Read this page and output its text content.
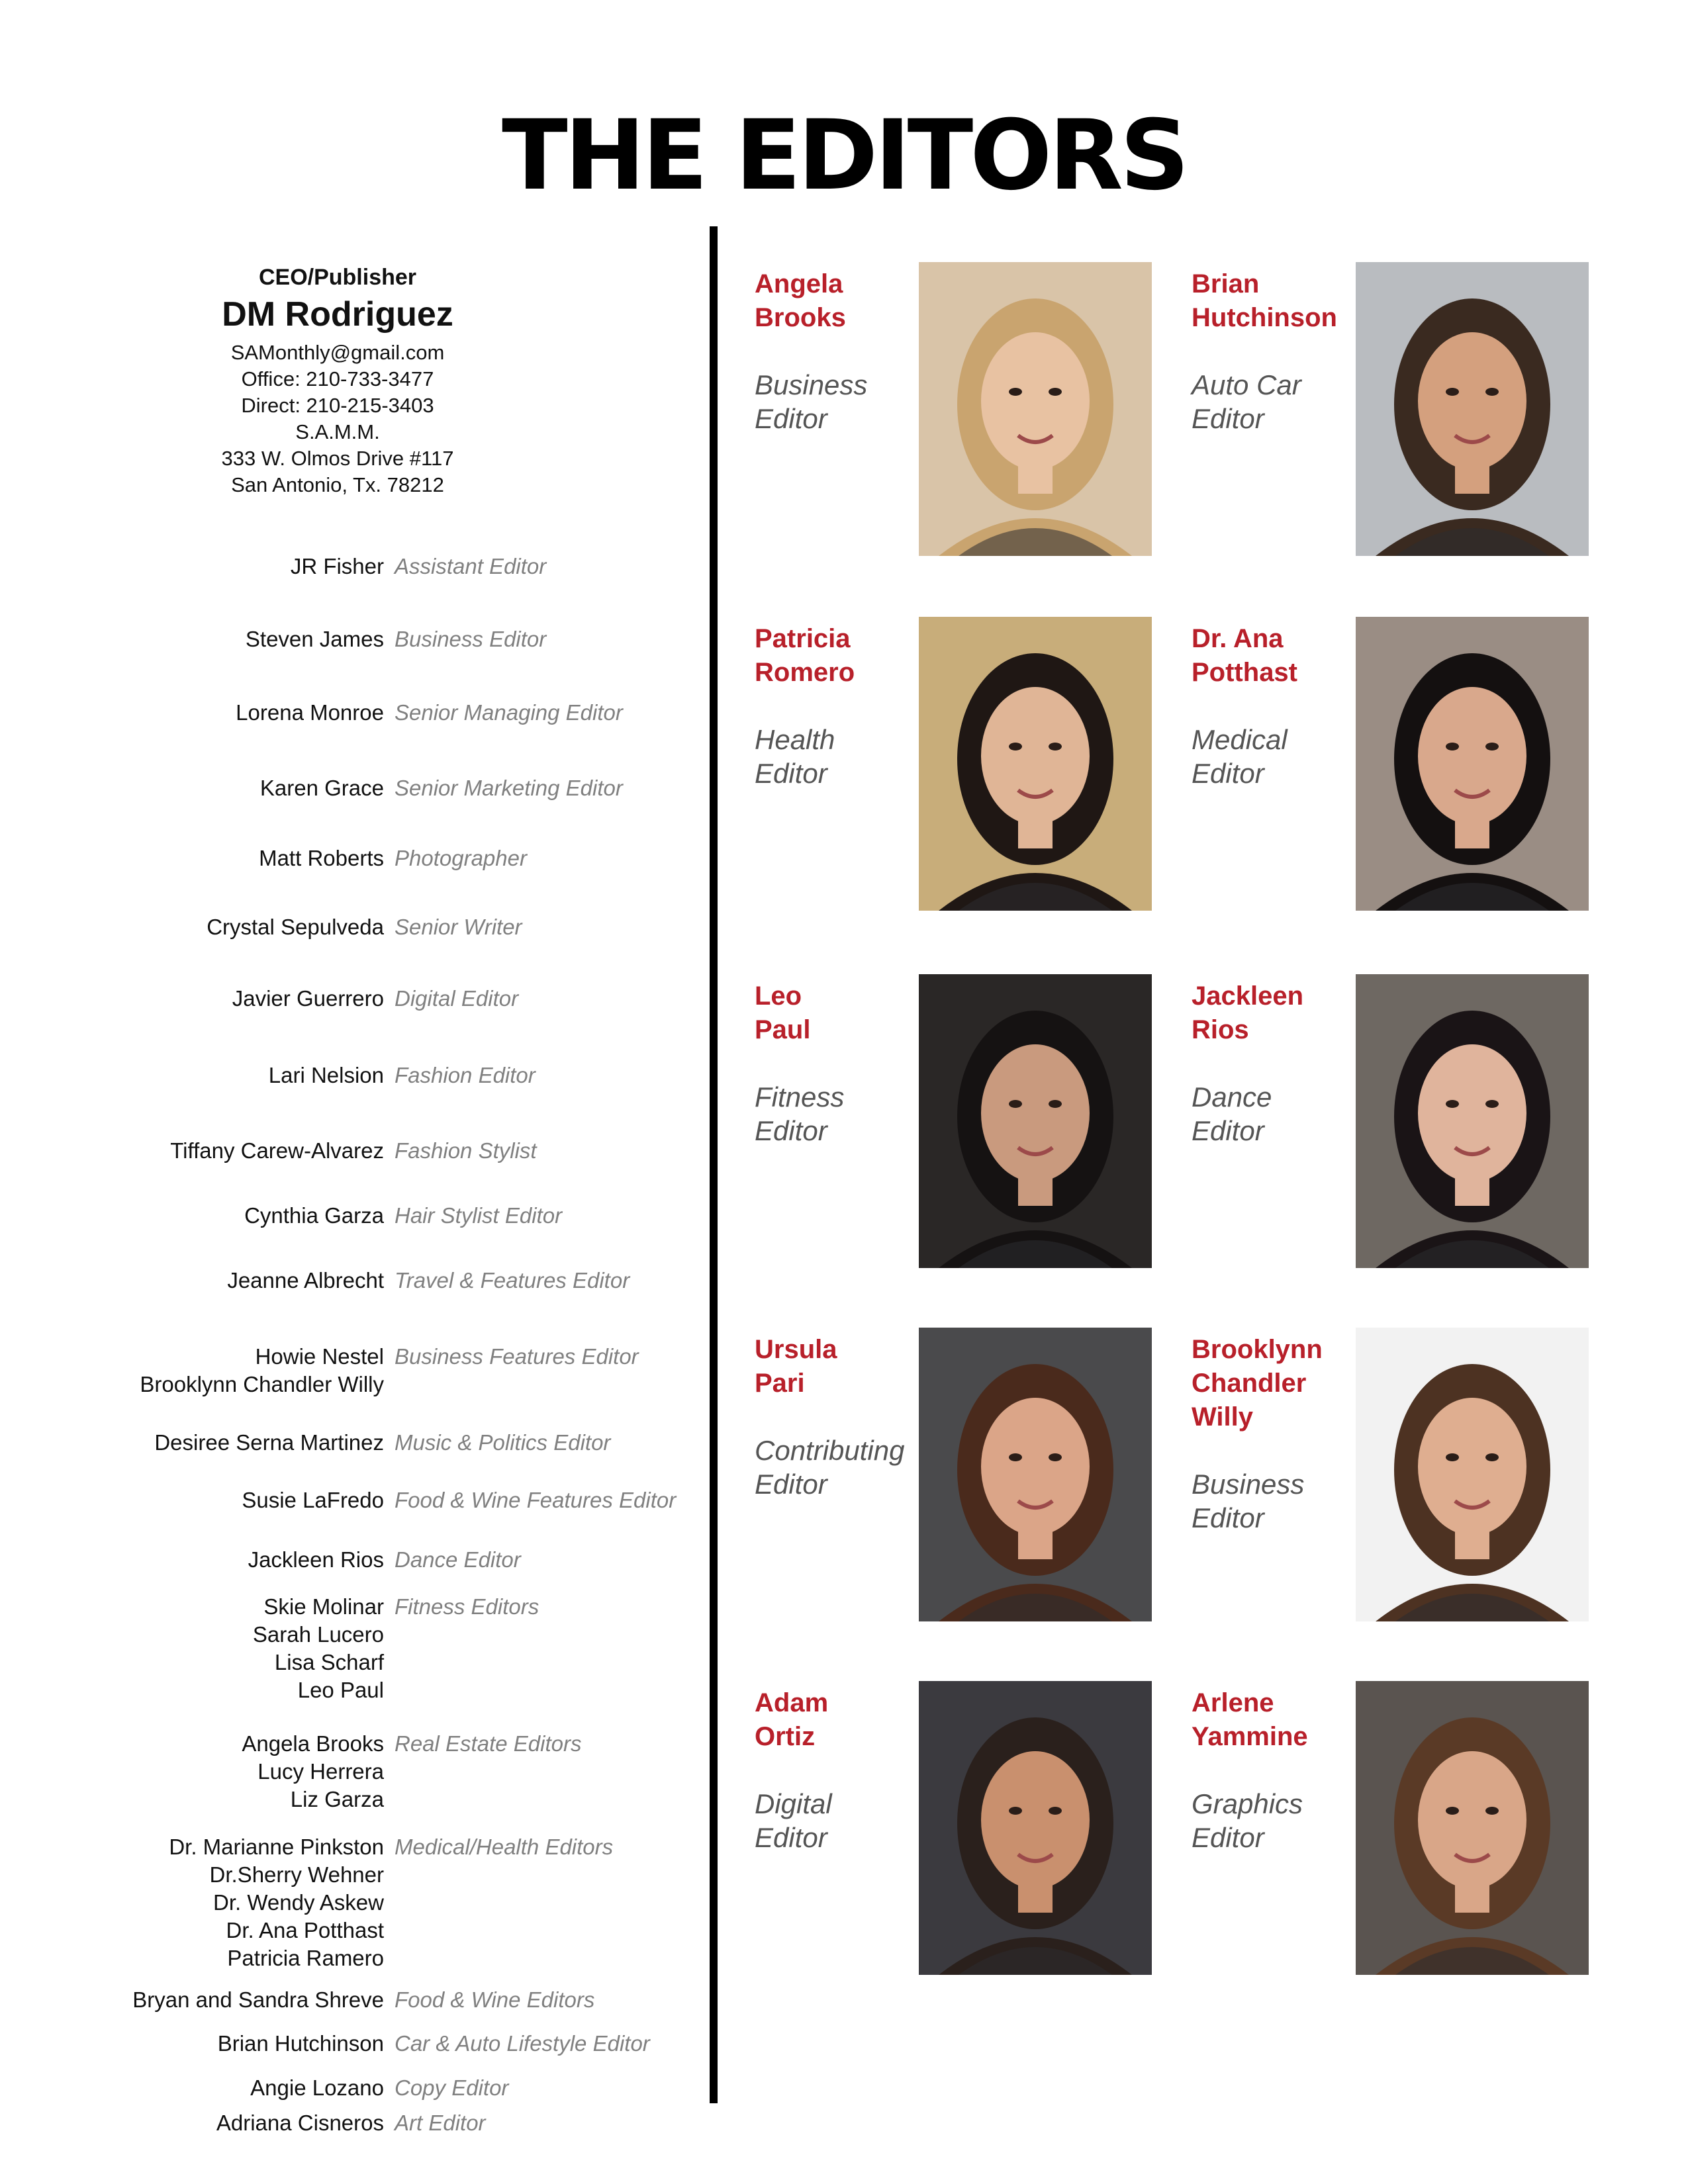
THE EDITORS
CEO/Publisher
DM Rodriguez
SAMonthly@gmail.com
Office: 210-733-3477
Direct: 210-215-3403
S.A.M.M.
333 W. Olmos Drive #117
San Antonio, Tx. 78212
JR Fisher Assistant Editor
Steven James Business Editor
Lorena Monroe Senior Managing Editor
Karen Grace Senior Marketing Editor
Matt Roberts Photographer
Crystal Sepulveda Senior Writer
Javier Guerrero Digital Editor
Lari Nelsion Fashion Editor
Tiffany Carew-Alvarez Fashion Stylist
Cynthia Garza Hair Stylist Editor
Jeanne Albrecht Travel & Features Editor
Howie Nestel
Brooklynn Chandler Willy
Business Features Editor
Desiree Serna Martinez Music & Politics Editor
Susie LaFredo Food & Wine Features Editor
Jackleen Rios Dance Editor
Skie Molinar
Sarah Lucero
Lisa Scharf
Leo Paul
Fitness Editors
Angela Brooks
Lucy Herrera
Liz Garza
Real Estate Editors
Dr. Marianne Pinkston
Dr.Sherry Wehner
Dr. Wendy Askew
Dr. Ana Potthast
Patricia Ramero
Medical/Health Editors
Bryan and Sandra Shreve Food & Wine Editors
Brian Hutchinson Car & Auto Lifestyle Editor
Angie Lozano Copy Editor
Adriana Cisneros Art Editor
Angela
Brooks
Business
Editor
Brian
Hutchinson
Auto Car
Editor
Patricia
Romero
Health
Editor
Dr. Ana
Potthast
Medical
Editor
Leo
Paul
Fitness
Editor
Jackleen
Rios
Dance
Editor
Ursula
Pari
Contributing
Editor
Brooklynn
Chandler
Willy
Business
Editor
Adam
Ortiz
Digital
Editor
Arlene
Yammine
Graphics
Editor
